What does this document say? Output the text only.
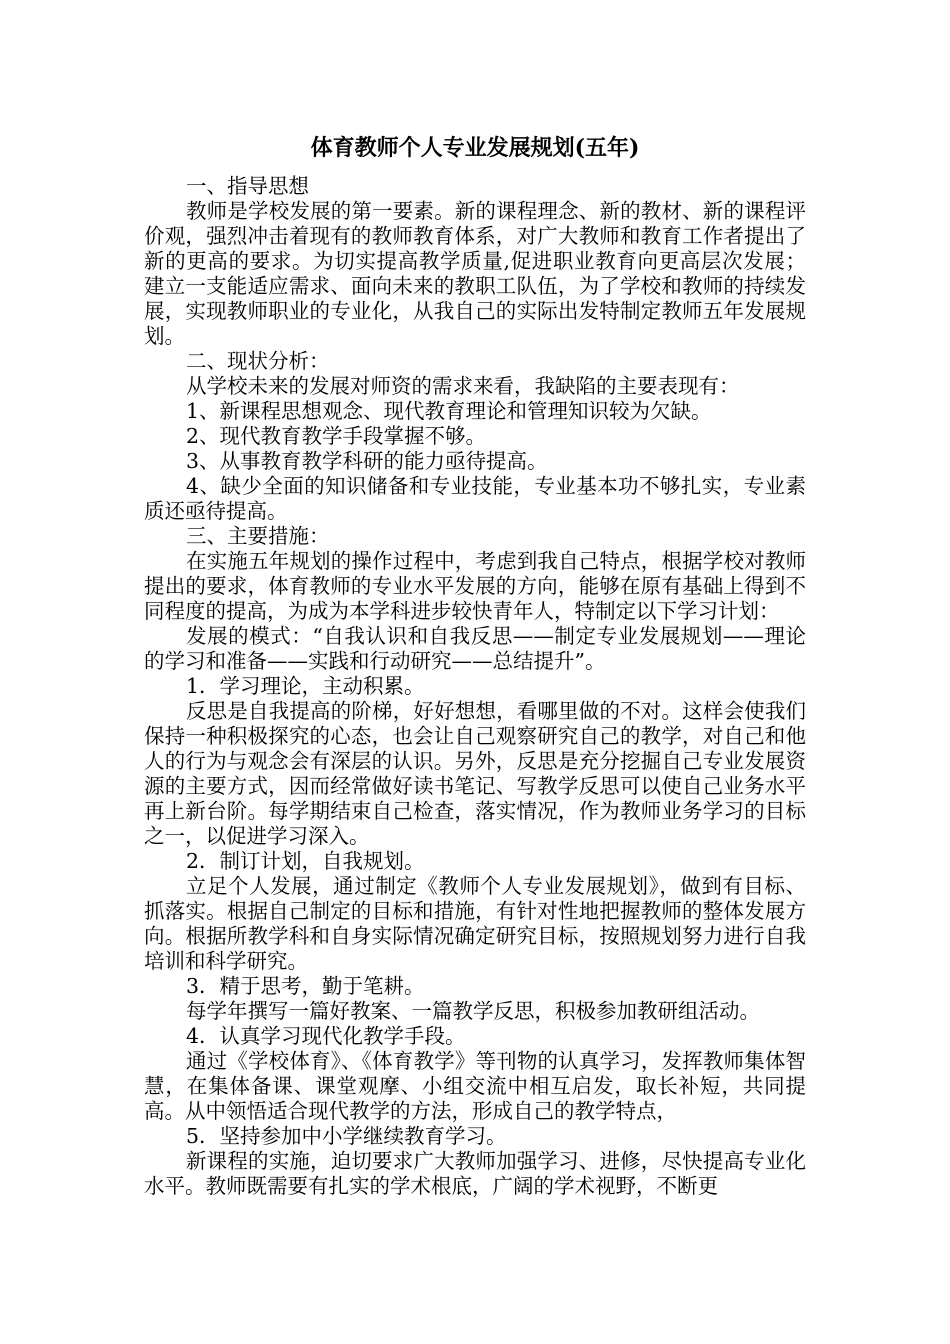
体育教师个人专业发展规划(五年)

一、指导思想

教师是学校发展的第一要素。新的课程理念、新的教材、新的课程评价观，强烈冲击着现有的教师教育体系，对广大教师和教育工作者提出了新的更高的要求。为切实提高教学质量,促进职业教育向更高层次发展；建立一支能适应需求、面向未来的教职工队伍，为了学校和教师的持续发展，实现教师职业的专业化，从我自己的实际出发特制定教师五年发展规划。

二、现状分析：

从学校未来的发展对师资的需求来看，我缺陷的主要表现有：

1、新课程思想观念、现代教育理论和管理知识较为欠缺。

2、现代教育教学手段掌握不够。

3、从事教育教学科研的能力亟待提高。

4、缺少全面的知识储备和专业技能，专业基本功不够扎实，专业素质还亟待提高。

三、主要措施：

在实施五年规划的操作过程中，考虑到我自己特点，根据学校对教师提出的要求，体育教师的专业水平发展的方向，能够在原有基础上得到不同程度的提高，为成为本学科进步较快青年人，特制定以下学习计划：

发展的模式：“自我认识和自我反思——制定专业发展规划——理论的学习和准备——实践和行动研究——总结提升”。

1．学习理论，主动积累。

反思是自我提高的阶梯，好好想想，看哪里做的不对。这样会使我们保持一种积极探究的心态，也会让自己观察研究自己的教学，对自己和他人的行为与观念会有深层的认识。另外，反思是充分挖掘自己专业发展资源的主要方式，因而经常做好读书笔记、写教学反思可以使自己业务水平再上新台阶。每学期结束自己检查，落实情况，作为教师业务学习的目标之一，以促进学习深入。

2．制订计划，自我规划。

立足个人发展，通过制定《教师个人专业发展规划》，做到有目标、抓落实。根据自己制定的目标和措施，有针对性地把握教师的整体发展方向。根据所教学科和自身实际情况确定研究目标，按照规划努力进行自我培训和科学研究。

3．精于思考，勤于笔耕。

每学年撰写一篇好教案、一篇教学反思，积极参加教研组活动。

4．认真学习现代化教学手段。

通过《学校体育》、《体育教学》等刊物的认真学习，发挥教师集体智慧，在集体备课、课堂观摩、小组交流中相互启发，取长补短，共同提高。从中领悟适合现代教学的方法，形成自己的教学特点，

5．坚持参加中小学继续教育学习。

新课程的实施，迫切要求广大教师加强学习、进修，尽快提高专业化水平。教师既需要有扎实的学术根底，广阔的学术视野，不断更
